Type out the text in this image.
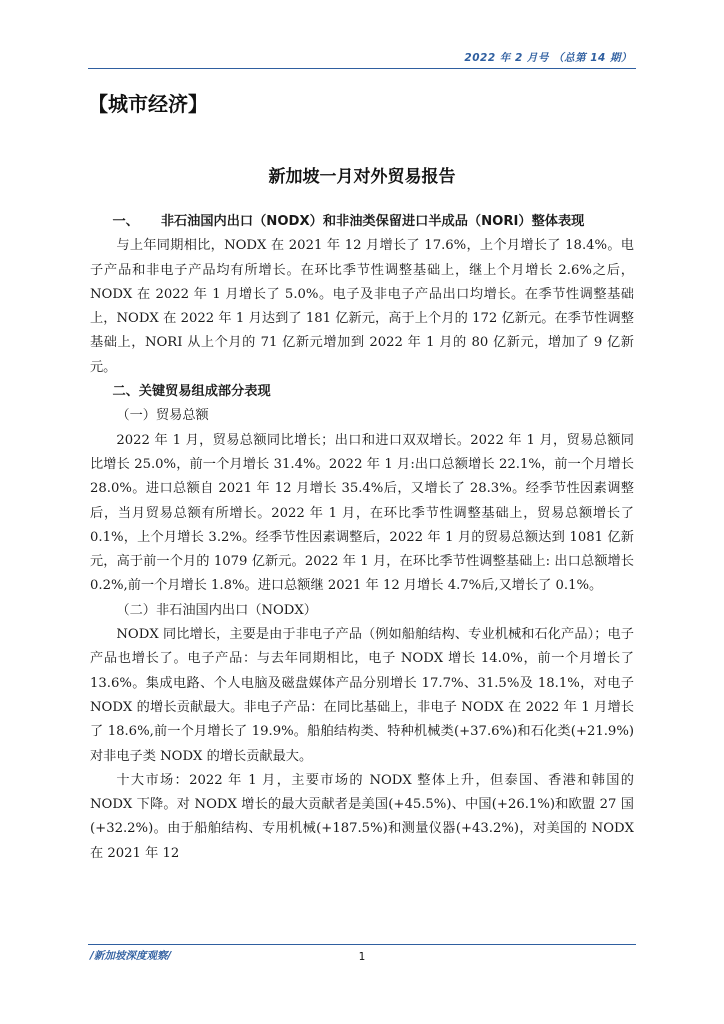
2022 年 2 月号 （总第 14 期）
【城市经济】
新加坡一月对外贸易报告
一、 非石油国内出口（NODX）和非油类保留进口半成品（NORI）整体表现

与上年同期相比，NODX 在 2021 年 12 月增长了 17.6%，上个月增长了 18.4%。电子产品和非电子产品均有所增长。在环比季节性调整基础上，继上个月增长 2.6%之后，NODX 在 2022 年 1 月增长了 5.0%。电子及非电子产品出口均增长。在季节性调整基础上，NODX 在 2022 年 1 月达到了 181 亿新元，高于上个月的 172 亿新元。在季节性调整基础上，NORI 从上个月的 71 亿新元增加到 2022 年 1 月的 80 亿新元，增加了 9 亿新元。

二、关键贸易组成部分表现
（一）贸易总额

2022 年 1 月，贸易总额同比增长；出口和进口双双增长。2022 年 1 月，贸易总额同比增长 25.0%，前一个月增长 31.4%。2022 年 1 月:出口总额增长 22.1%，前一个月增长 28.0%。进口总额自 2021 年 12 月增长 35.4%后，又增长了 28.3%。经季节性因素调整后，当月贸易总额有所增长。2022 年 1 月，在环比季节性调整基础上，贸易总额增长了 0.1%，上个月增长 3.2%。经季节性因素调整后，2022 年 1 月的贸易总额达到 1081 亿新元，高于前一个月的 1079 亿新元。2022 年 1 月，在环比季节性调整基础上: 出口总额增长 0.2%,前一个月增长 1.8%。进口总额继 2021 年 12 月增长 4.7%后,又增长了 0.1%。

（二）非石油国内出口（NODX）

NODX 同比增长，主要是由于非电子产品（例如船舶结构、专业机械和石化产品）；电子产品也增长了。电子产品：与去年同期相比，电子 NODX 增长 14.0%，前一个月增长了 13.6%。集成电路、个人电脑及磁盘媒体产品分别增长 17.7%、31.5%及 18.1%，对电子 NODX 的增长贡献最大。非电子产品：在同比基础上，非电子 NODX 在 2022 年 1 月增长了 18.6%,前一个月增长了 19.9%。船舶结构类、特种机械类(+37.6%)和石化类(+21.9%)对非电子类 NODX 的增长贡献最大。

十大市场：2022 年 1 月，主要市场的 NODX 整体上升，但泰国、香港和韩国的 NODX 下降。对 NODX 增长的最大贡献者是美国(+45.5%)、中国(+26.1%)和欧盟 27 国(+32.2%)。由于船舶结构、专用机械(+187.5%)和测量仪器(+43.2%)，对美国的 NODX 在 2021 年 12

/新加坡深度观察/	1
